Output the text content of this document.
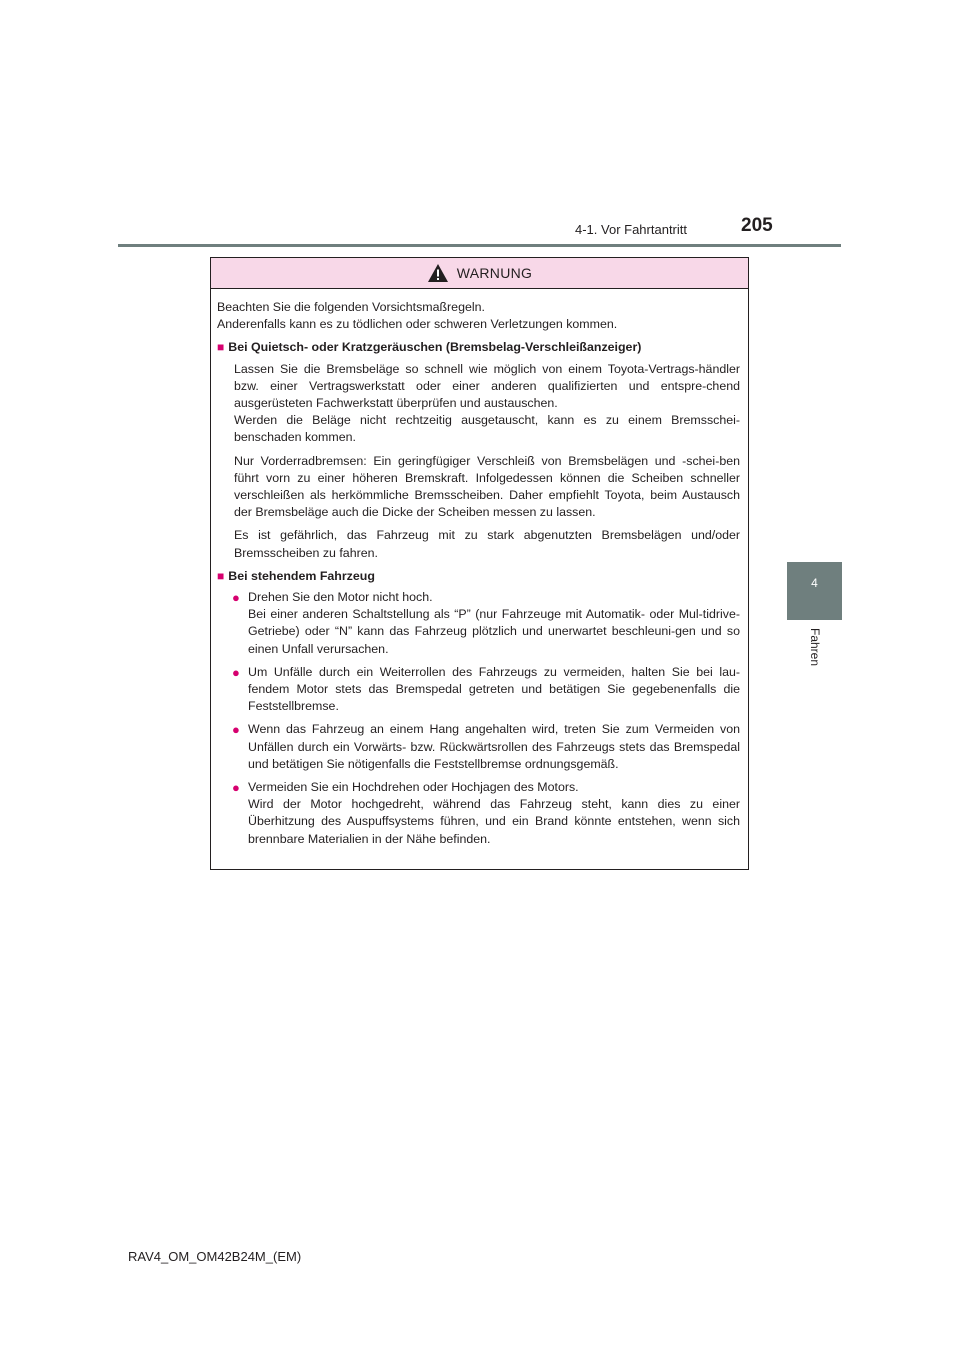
4-1. Vor Fahrtantritt	205
4
Fahren
WARNUNG

Beachten Sie die folgenden Vorsichtsmaßregeln.

Anderenfalls kann es zu tödlichen oder schweren Verletzungen kommen.

■ Bei Quietsch- oder Kratzgeräuschen (Bremsbelag-Verschleißanzeiger)

Lassen Sie die Bremsbeläge so schnell wie möglich von einem Toyota-Vertrags-händler bzw. einer Vertragswerkstatt oder einer anderen qualifizierten und entspre-chend ausgerüsteten Fachwerkstatt überprüfen und austauschen.

Werden die Beläge nicht rechtzeitig ausgetauscht, kann es zu einem Bremsschei-benschaden kommen.

Nur Vorderradbremsen: Ein geringfügiger Verschleiß von Bremsbelägen und -schei-ben führt vorn zu einer höheren Bremskraft. Infolgedessen können die Scheiben schneller verschleißen als herkömmliche Bremsscheiben. Daher empfiehlt Toyota, beim Austausch der Bremsbeläge auch die Dicke der Scheiben messen zu lassen.

Es ist gefährlich, das Fahrzeug mit zu stark abgenutzten Bremsbelägen und/oder Bremsscheiben zu fahren.

■ Bei stehendem Fahrzeug
● Drehen Sie den Motor nicht hoch.

Bei einer anderen Schaltstellung als “P” (nur Fahrzeuge mit Automatik- oder Mul-tidrive-Getriebe) oder “N” kann das Fahrzeug plötzlich und unerwartet beschleuni-gen und so einen Unfall verursachen.

● Um Unfälle durch ein Weiterrollen des Fahrzeugs zu vermeiden, halten Sie bei lau-fendem Motor stets das Bremspedal getreten und betätigen Sie gegebenenfalls die Feststellbremse.

● Wenn das Fahrzeug an einem Hang angehalten wird, treten Sie zum Vermeiden von Unfällen durch ein Vorwärts- bzw. Rückwärtsrollen des Fahrzeugs stets das Bremspedal und betätigen Sie nötigenfalls die Feststellbremse ordnungsgemäß.

● Vermeiden Sie ein Hochdrehen oder Hochjagen des Motors.

Wird der Motor hochgedreht, während das Fahrzeug steht, kann dies zu einer Überhitzung des Auspuffsystems führen, und ein Brand könnte entstehen, wenn sich brennbare Materialien in der Nähe befinden.

RAV4_OM_OM42B24M_(EM)
